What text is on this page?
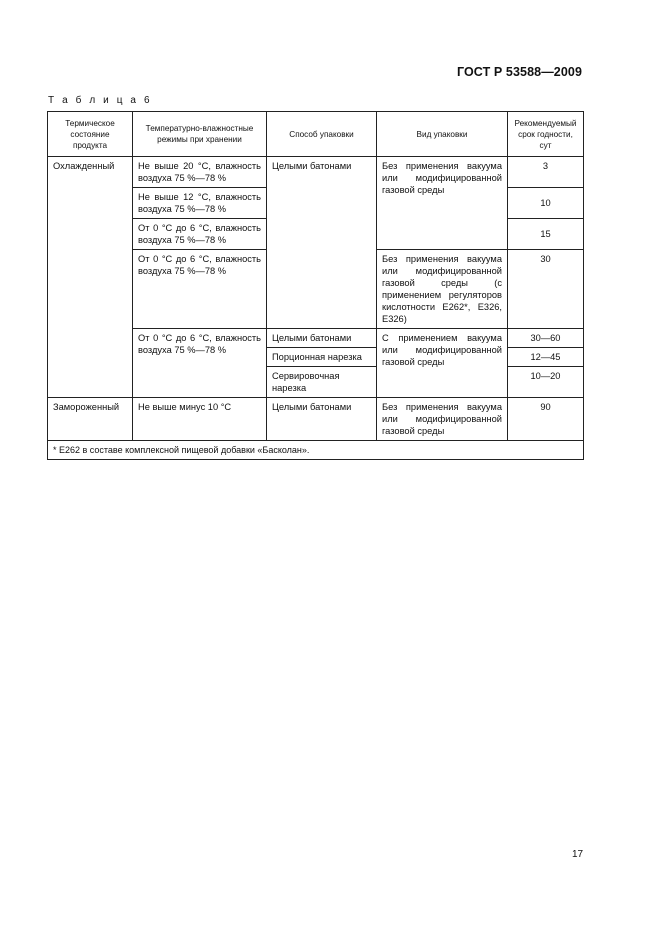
ГОСТ Р 53588—2009
Т а б л и ц а 6
Термическое состояние продукта	Температурно-влажностные режимы при хранении	Способ упаковки	Вид упаковки	Рекомендуемый срок годности, сут
Охлажденный	Не выше 20 °С, влажность воздуха 75 %—78 %	Целыми батонами	Без применения вакуума или модифицированной газовой среды	3
	Не выше 12 °С, влажность воздуха 75 %—78 %			10
	От 0 °С до 6 °С, влажность воздуха 75 %—78 %			15
	От 0 °С до 6 °С, влажность воздуха 75 %—78 %		Без применения вакуума или модифицированной газовой среды (с применением регуляторов кислотности Е262*, Е326, Е326)	30
	От 0 °С до 6 °С, влажность воздуха 75 %—78 %	Целыми батонами	С применением вакуума или модифицированной газовой среды	30—60
		Порционная нарезка		12—45
		Сервировочная нарезка		10—20
Замороженный	Не выше минус 10 °С	Целыми батонами	Без применения вакуума или модифицированной газовой среды	90
* Е262 в составе комплексной пищевой добавки «Басколан».				
17
